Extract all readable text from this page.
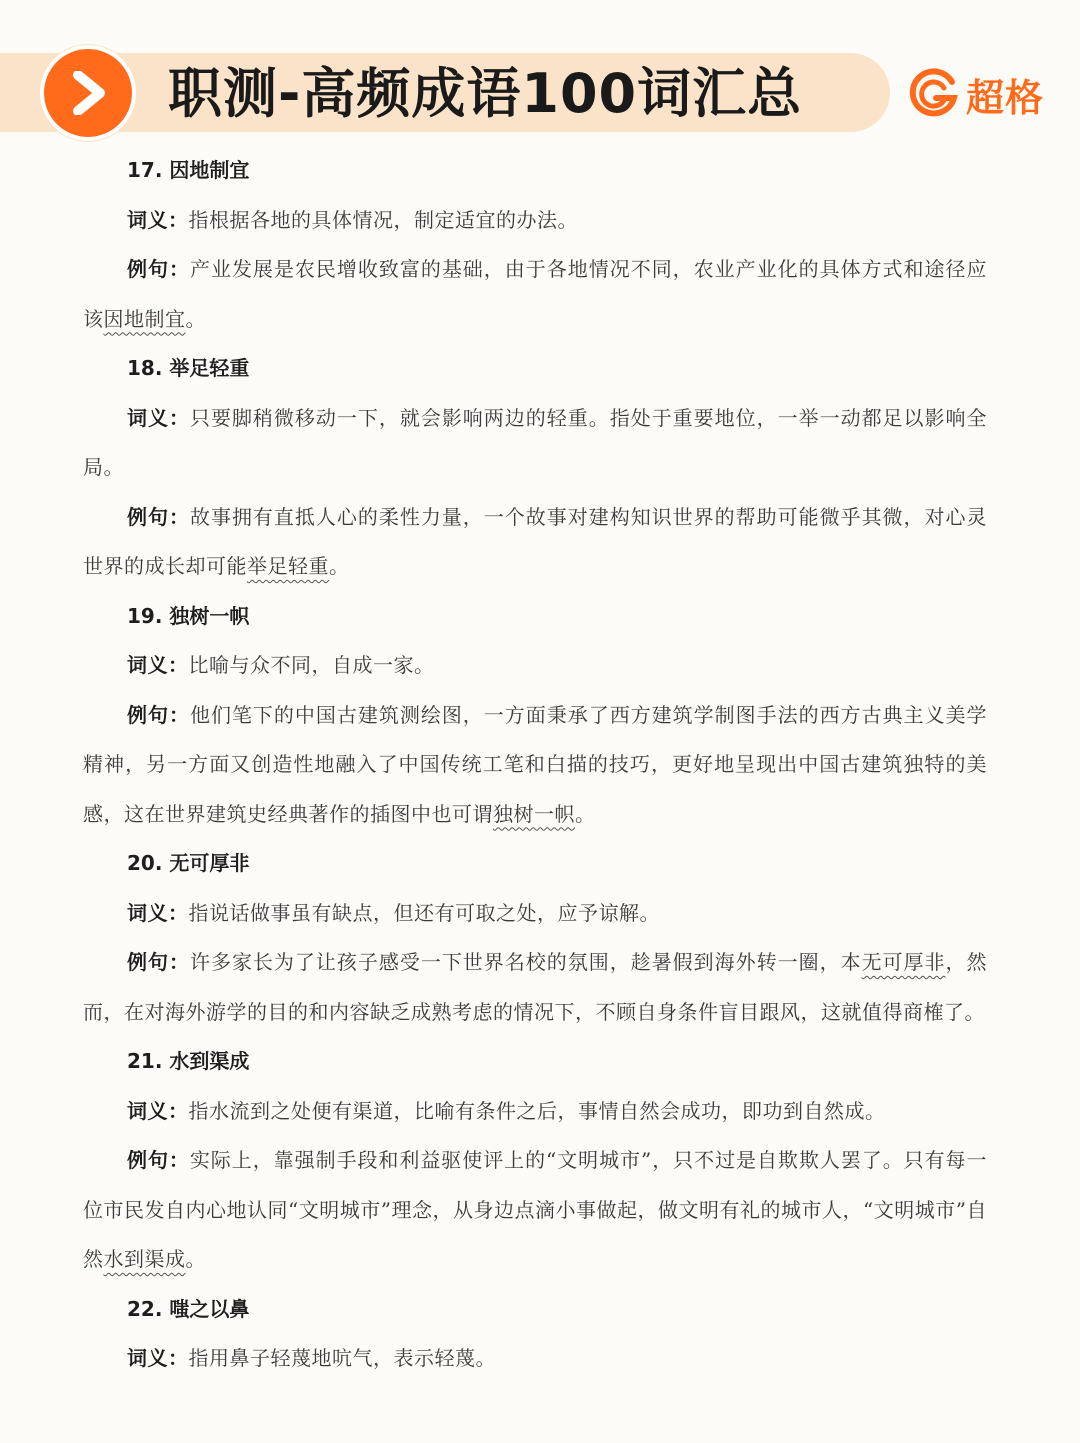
职测-高频成语100词汇总	超格

17. 因地制宜

词义：指根据各地的具体情况，制定适宜的办法。

例句：产业发展是农民增收致富的基础，由于各地情况不同，农业产业化的具体方式和途径应该因地制宜。

18. 举足轻重

词义：只要脚稍微移动一下，就会影响两边的轻重。指处于重要地位，一举一动都足以影响全局。

例句：故事拥有直抵人心的柔性力量，一个故事对建构知识世界的帮助可能微乎其微，对心灵世界的成长却可能举足轻重。

19. 独树一帜

词义：比喻与众不同，自成一家。

例句：他们笔下的中国古建筑测绘图，一方面秉承了西方建筑学制图手法的西方古典主义美学精神，另一方面又创造性地融入了中国传统工笔和白描的技巧，更好地呈现出中国古建筑独特的美感，这在世界建筑史经典著作的插图中也可谓独树一帜。

20. 无可厚非

词义：指说话做事虽有缺点，但还有可取之处，应予谅解。

例句：许多家长为了让孩子感受一下世界名校的氛围，趁暑假到海外转一圈，本无可厚非，然而，在对海外游学的目的和内容缺乏成熟考虑的情况下，不顾自身条件盲目跟风，这就值得商榷了。

21. 水到渠成

词义：指水流到之处便有渠道，比喻有条件之后，事情自然会成功，即功到自然成。

例句：实际上，靠强制手段和利益驱使评上的“文明城市”，只不过是自欺欺人罢了。只有每一位市民发自内心地认同“文明城市”理念，从身边点滴小事做起，做文明有礼的城市人，“文明城市”自然水到渠成。

22. 嗤之以鼻

词义：指用鼻子轻蔑地吭气，表示轻蔑。
